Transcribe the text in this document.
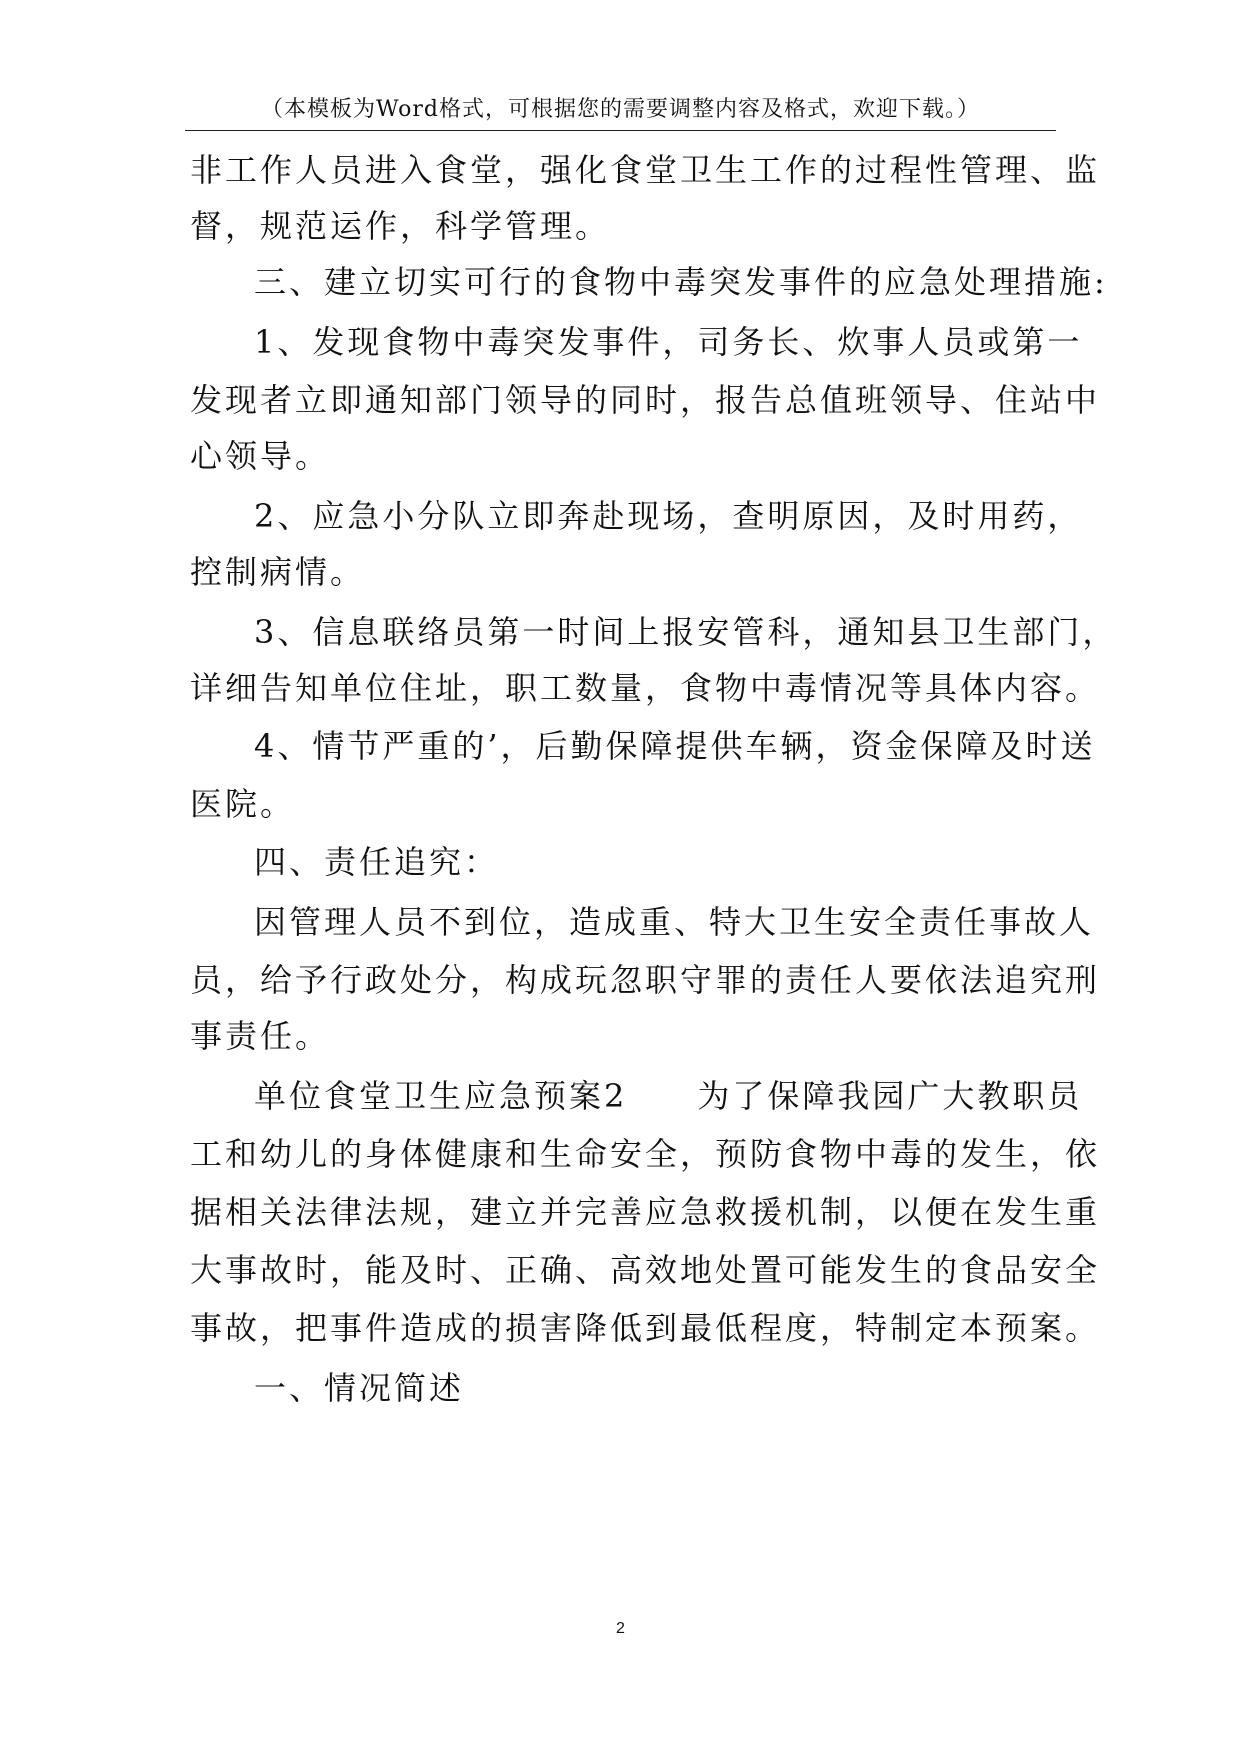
（本模板为Word格式，可根据您的需要调整内容及格式，欢迎下载。）
非工作人员进入食堂，强化食堂卫生工作的过程性管理、监
督，规范运作，科学管理。
三、建立切实可行的食物中毒突发事件的应急处理措施:
1、发现食物中毒突发事件，司务长、炊事人员或第一
发现者立即通知部门领导的同时，报告总值班领导、住站中
心领导。
2、应急小分队立即奔赴现场，查明原因，及时用药，
控制病情。
3、信息联络员第一时间上报安管科，通知县卫生部门，
详细告知单位住址，职工数量，食物中毒情况等具体内容。
4、情节严重的’，后勤保障提供车辆，资金保障及时送
医院。
四、责任追究：
因管理人员不到位，造成重、特大卫生安全责任事故人
员，给予行政处分，构成玩忽职守罪的责任人要依法追究刑
事责任。
单位食堂卫生应急预案2　　为了保障我园广大教职员
工和幼儿的身体健康和生命安全，预防食物中毒的发生，依
据相关法律法规，建立并完善应急救援机制，以便在发生重
大事故时，能及时、正确、高效地处置可能发生的食品安全
事故，把事件造成的损害降低到最低程度，特制定本预案。
一、情况简述
2
